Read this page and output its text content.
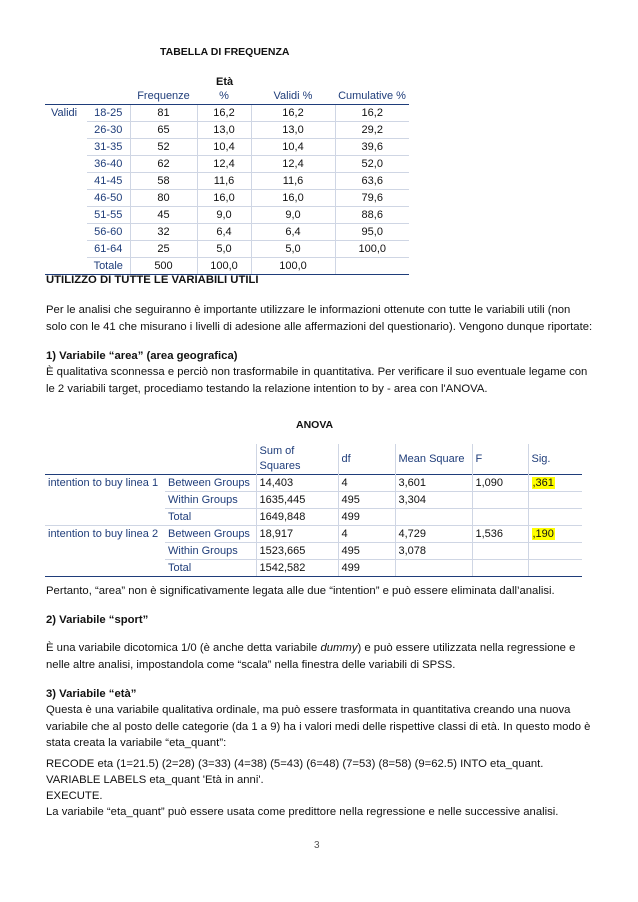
TABELLA DI FREQUENZA
Età
		Frequenze	%	Validi %	Cumulative %
Validi	18-25	81	16,2	16,2	16,2
	26-30	65	13,0	13,0	29,2
	31-35	52	10,4	10,4	39,6
	36-40	62	12,4	12,4	52,0
	41-45	58	11,6	11,6	63,6
	46-50	80	16,0	16,0	79,6
	51-55	45	9,0	9,0	88,6
	56-60	32	6,4	6,4	95,0
	61-64	25	5,0	5,0	100,0
	Totale	500	100,0	100,0	
UTILIZZO DI TUTTE LE VARIABILI UTILI
Per le analisi che seguiranno è importante utilizzare le informazioni ottenute con tutte le variabili utili (non solo con le 41 che misurano i livelli di adesione alle affermazioni del questionario). Vengono dunque riportate:
1) Variabile “area” (area geografica)
È qualitativa sconnessa e perciò non trasformabile in quantitativa. Per verificare il suo eventuale legame con le 2 variabili target, procediamo testando la relazione intention to by - area con l'ANOVA.
ANOVA
		Sum of Squares	df	Mean Square	F	Sig.
intention to buy linea 1	Between Groups	14,403	4	3,601	1,090	,361
	Within Groups	1635,445	495	3,304		
	Total	1649,848	499			
intention to buy linea 2	Between Groups	18,917	4	4,729	1,536	,190
	Within Groups	1523,665	495	3,078		
	Total	1542,582	499			
Pertanto, “area” non è significativamente legata alle due “intention” e può essere eliminata dall’analisi.
2) Variabile “sport”
È una variabile dicotomica 1/0 (è anche detta variabile dummy) e può essere utilizzata nella regressione e nelle altre analisi, impostandola come “scala” nella finestra delle variabili di SPSS.
3) Variabile “età”
Questa è una variabile qualitativa ordinale, ma può essere trasformata in quantitativa creando una nuova variabile che al posto delle categorie (da 1 a 9) ha i valori medi delle rispettive classi di età. In questo modo è stata creata la variabile “eta_quant”:
RECODE eta (1=21.5) (2=28) (3=33) (4=38) (5=43) (6=48) (7=53) (8=58) (9=62.5) INTO eta_quant.
VARIABLE LABELS eta_quant 'Età in anni'.
EXECUTE.
La variabile “eta_quant” può essere usata come predittore nella regressione e nelle successive analisi.
3
